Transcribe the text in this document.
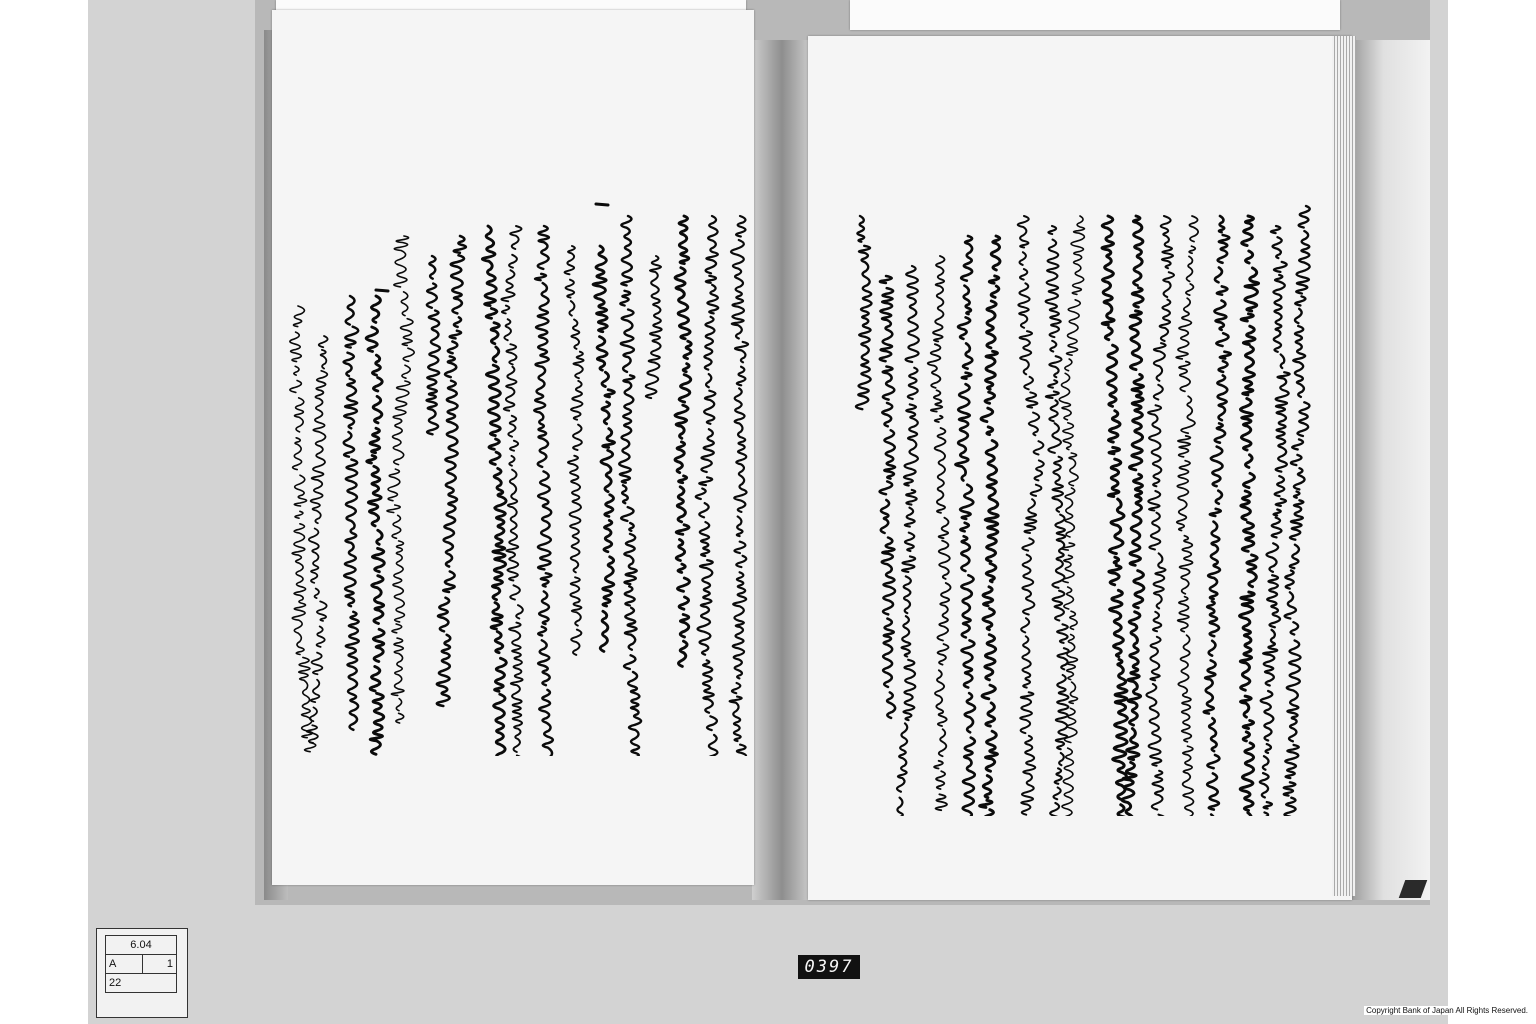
6.04
A	1
22
0397
Copyright Bank of Japan All Rights Reserved.
